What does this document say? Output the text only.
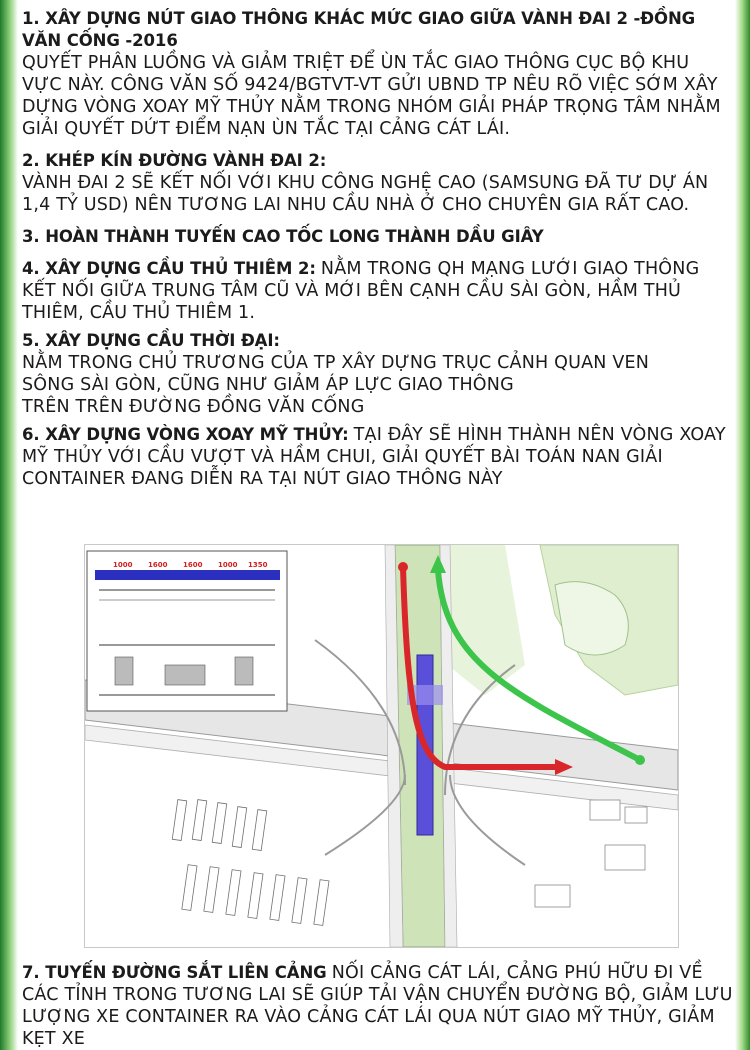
1. XÂY DỰNG NÚT GIAO THÔNG KHÁC MỨC GIAO GIỮA VÀNH ĐAI 2 -ĐỒNG VĂN CỐNG -2016
QUYẾT PHÂN LUỒNG VÀ GIẢM TRIỆT ĐỂ ÙN TẮC GIAO THÔNG CỤC BỘ KHU VỰC NÀY. CÔNG VĂN SỐ 9424/BGTVT-VT GỬI UBND TP NÊU RÕ VIỆC SỚM XÂY DỰNG VÒNG XOAY MỸ THỦY NẰM TRONG NHÓM GIẢI PHÁP TRỌNG TÂM NHẰM GIẢI QUYẾT DỨT ĐIỂM NẠN ÙN TẮC TẠI CẢNG CÁT LÁI.

2. KHÉP KÍN ĐƯỜNG VÀNH ĐAI 2:
VÀNH ĐAI 2 SẼ KẾT NỐI VỚI KHU CÔNG NGHỆ CAO (SAMSUNG ĐÃ TƯ DỰ ÁN 1,4 TỶ USD) NÊN TƯƠNG LAI NHU CẦU NHÀ Ở CHO CHUYÊN GIA RẤT CAO.

3. HOÀN THÀNH TUYẾN CAO TỐC LONG THÀNH DẦU GIÂY

4. XÂY DỰNG CẦU THỦ THIÊM 2: NẰM TRONG QH MẠNG LƯỚI GIAO THÔNG KẾT NỐI GIỮA TRUNG TÂM CŨ VÀ MỚI BÊN CẠNH CẦU SÀI GÒN, HẦM THỦ THIÊM, CẦU THỦ THIÊM 1.

5. XÂY DỰNG CẦU THỜI ĐẠI:
NẰM TRONG CHỦ TRƯƠNG CỦA TP XÂY DỰNG TRỤC CẢNH QUAN VEN
SÔNG SÀI GÒN, CŨNG NHƯ GIẢM ÁP LỰC GIAO THÔNG
TRÊN TRÊN ĐƯỜNG ĐỒNG VĂN CỐNG

6. XÂY DỰNG VÒNG XOAY MỸ THỦY: TẠI ĐÂY SẼ HÌNH THÀNH NÊN VÒNG XOAY MỸ THỦY VỚI CẦU VƯỢT VÀ HẦM CHUI, GIẢI QUYẾT BÀI TOÁN NAN GIẢI CONTAINER ĐANG DIỄN RA TẠI NÚT GIAO THÔNG NÀY

1000 1600 1600 1000 1350

7. TUYẾN ĐƯỜNG SẮT LIÊN CẢNG NỐI CẢNG CÁT LÁI, CẢNG PHÚ HỮU ĐI VỀ CÁC TỈNH TRONG TƯƠNG LAI SẼ GIÚP TẢI VẬN CHUYỂN ĐƯỜNG BỘ, GIẢM LƯU LƯỢNG XE CONTAINER RA VÀO CẢNG CÁT LÁI QUA NÚT GIAO MỸ THỦY, GIẢM KẸT XE
